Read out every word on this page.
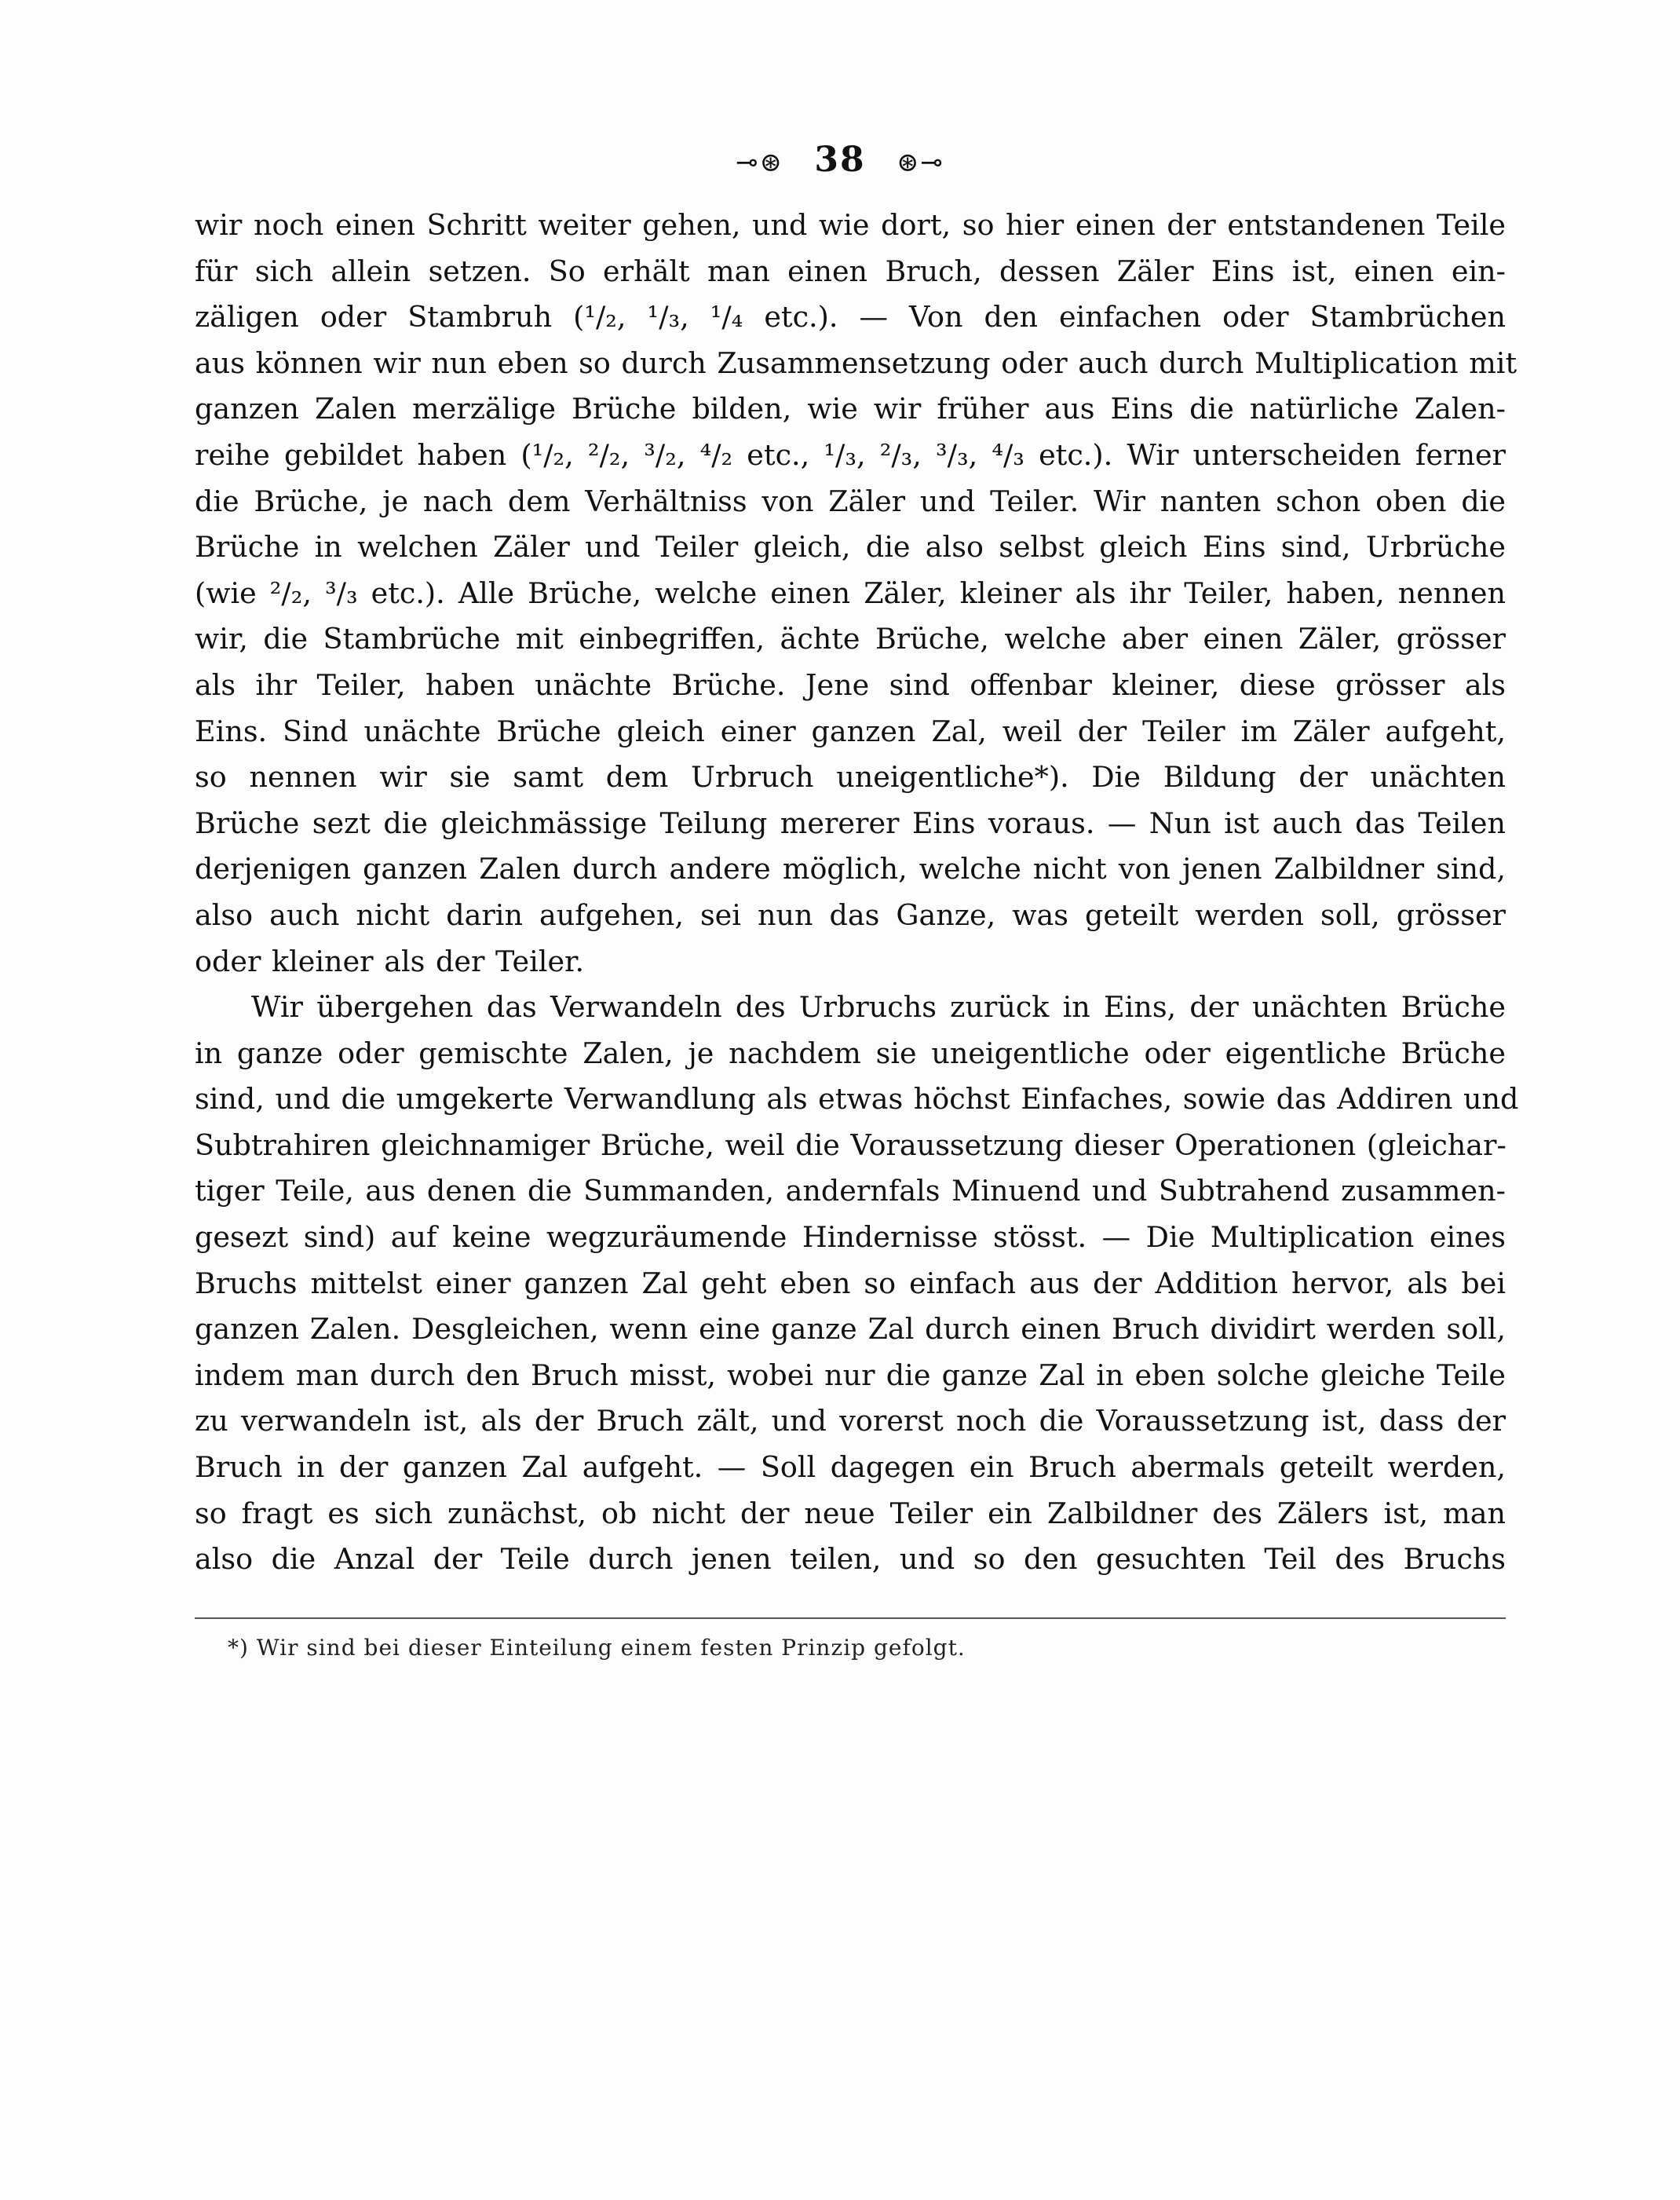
⊸⊛ 38 ⊛⊸
wir noch einen Schritt weiter gehen, und wie dort, so hier einen der entstandenen Teile
für sich allein setzen. So erhält man einen Bruch, dessen Zäler Eins ist, einen ein-
zäligen oder Stambruh (¹/₂, ¹/₃, ¹/₄ etc.). — Von den einfachen oder Stambrüchen
aus können wir nun eben so durch Zusammensetzung oder auch durch Multiplication mit
ganzen Zalen merzälige Brüche bilden, wie wir früher aus Eins die natürliche Zalen-
reihe gebildet haben (¹/₂, ²/₂, ³/₂, ⁴/₂ etc., ¹/₃, ²/₃, ³/₃, ⁴/₃ etc.). Wir unterscheiden ferner
die Brüche, je nach dem Verhältniss von Zäler und Teiler. Wir nanten schon oben die
Brüche in welchen Zäler und Teiler gleich, die also selbst gleich Eins sind, Urbrüche
(wie ²/₂, ³/₃ etc.). Alle Brüche, welche einen Zäler, kleiner als ihr Teiler, haben, nennen
wir, die Stambrüche mit einbegriffen, ächte Brüche, welche aber einen Zäler, grösser
als ihr Teiler, haben unächte Brüche. Jene sind offenbar kleiner, diese grösser als
Eins. Sind unächte Brüche gleich einer ganzen Zal, weil der Teiler im Zäler aufgeht,
so nennen wir sie samt dem Urbruch uneigentliche*). Die Bildung der unächten
Brüche sezt die gleichmässige Teilung mererer Eins voraus. — Nun ist auch das Teilen
derjenigen ganzen Zalen durch andere möglich, welche nicht von jenen Zalbildner sind,
also auch nicht darin aufgehen, sei nun das Ganze, was geteilt werden soll, grösser
oder kleiner als der Teiler.
Wir übergehen das Verwandeln des Urbruchs zurück in Eins, der unächten Brüche
in ganze oder gemischte Zalen, je nachdem sie uneigentliche oder eigentliche Brüche
sind, und die umgekerte Verwandlung als etwas höchst Einfaches, sowie das Addiren und
Subtrahiren gleichnamiger Brüche, weil die Voraussetzung dieser Operationen (gleichar-
tiger Teile, aus denen die Summanden, andernfals Minuend und Subtrahend zusammen-
gesezt sind) auf keine wegzuräumende Hindernisse stösst. — Die Multiplication eines
Bruchs mittelst einer ganzen Zal geht eben so einfach aus der Addition hervor, als bei
ganzen Zalen. Desgleichen, wenn eine ganze Zal durch einen Bruch dividirt werden soll,
indem man durch den Bruch misst, wobei nur die ganze Zal in eben solche gleiche Teile
zu verwandeln ist, als der Bruch zält, und vorerst noch die Voraussetzung ist, dass der
Bruch in der ganzen Zal aufgeht. — Soll dagegen ein Bruch abermals geteilt werden,
so fragt es sich zunächst, ob nicht der neue Teiler ein Zalbildner des Zälers ist, man
also die Anzal der Teile durch jenen teilen, und so den gesuchten Teil des Bruchs
*) Wir sind bei dieser Einteilung einem festen Prinzip gefolgt.
